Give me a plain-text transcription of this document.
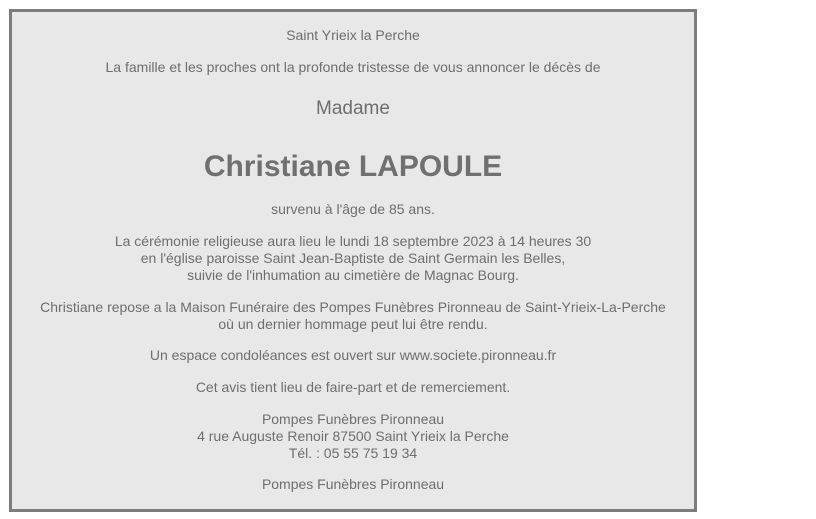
Saint Yrieix la Perche
La famille et les proches ont la profonde tristesse de vous annoncer le décès de
Madame
Christiane LAPOULE
survenu à l'âge de 85 ans.
La cérémonie religieuse aura lieu le lundi 18 septembre 2023 à 14 heures 30
en l'église paroisse Saint Jean-Baptiste de Saint Germain les Belles,
suivie de l'inhumation au cimetière de Magnac Bourg.
Christiane repose a la Maison Funéraire des Pompes Funèbres Pironneau de Saint-Yrieix-La-Perche
où un dernier hommage peut lui être rendu.
Un espace condoléances est ouvert sur www.societe.pironneau.fr
Cet avis tient lieu de faire-part et de remerciement.
Pompes Funèbres Pironneau
4 rue Auguste Renoir 87500 Saint Yrieix la Perche
Tél. : 05 55 75 19 34
Pompes Funèbres Pironneau
